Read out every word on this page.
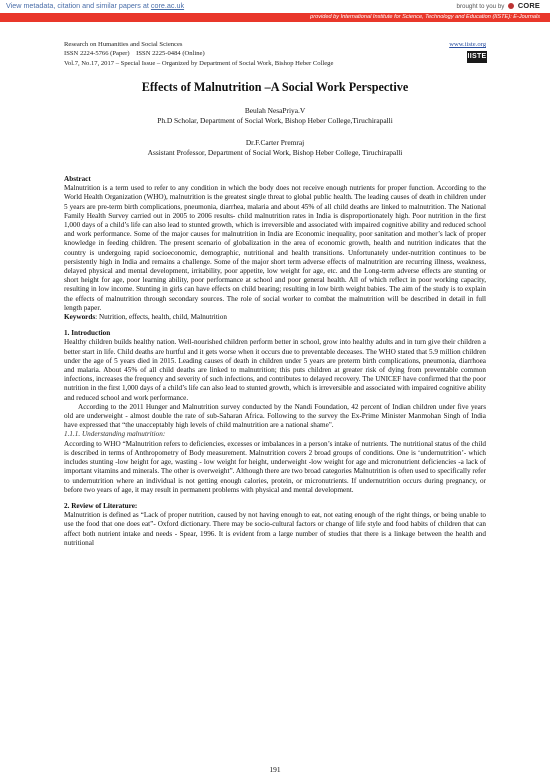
View metadata, citation and similar papers at core.ac.uk	brought to you by CORE
provided by International Institute for Science, Technology and Education (IISTE): E-Journals
Research on Humanities and Social Sciences	www.iiste.org
ISSN 2224-5766 (Paper)    ISSN 2225-0484 (Online)
Vol.7, No.17, 2017 – Special Issue – Organized by Department of Social Work, Bishop Heber College
IISTE
Effects of Malnutrition –A Social Work Perspective
Beulah NesaPriya.V
Ph.D Scholar, Department of Social Work, Bishop Heber College,Tiruchirapalli
Dr.F.Carter Premraj
Assistant Professor, Department of Social Work, Bishop Heber College, Tiruchirapalli

Abstract

Malnutrition is a term used to refer to any condition in which the body does not receive enough nutrients for proper function. According to the World Health Organization (WHO), malnutrition is the greatest single threat to global public health. The leading causes of death in children under 5 years are pre-term birth complications, pneumonia, diarrhea, malaria and about 45% of all child deaths are linked to malnutrition. The National Family Health Survey carried out in 2005 to 2006 results- child malnutrition rates in India is disproportionately high. Poor nutrition in the first 1,000 days of a child’s life can also lead to stunted growth, which is irreversible and associated with impaired cognitive ability and reduced school and work performance. Some of the major causes for malnutrition in India are Economic inequality, poor sanitation and mother’s lack of proper knowledge in feeding children. The present scenario of globalization in the area of economic growth, health and nutrition indicates that the country is undergoing rapid socioeconomic, demographic, nutritional and health transitions. Unfortunately under-nutrition continues to be persistently high in India and remains a challenge. Some of the major short term adverse effects of malnutrition are recurring illness, weakness, delayed physical and mental development, irritability, poor appetite, low weight for age, etc. and the Long-term adverse effects are stunting or short height for age, poor learning ability, poor performance at school and poor general health. All of which reflect in poor working capacity, resulting in low income. Stunting in girls can have effects on child bearing; resulting in low birth weight babies. The aim of the study is to explain the effects of malnutrition through secondary sources. The role of social worker to combat the malnutrition will be described in detail in full length paper.

Keywords: Nutrition, effects, health, child, Malnutrition

1. Introduction

Healthy children builds healthy nation. Well-nourished children perform better in school, grow into healthy adults and in turn give their children a better start in life. Child deaths are hurtful and it gets worse when it occurs due to preventable deceases. The WHO stated that 5.9 million children under the age of 5 years died in 2015. Leading causes of death in children under 5 years are preterm birth complications, pneumonia, diarrhoea and malaria. About 45% of all child deaths are linked to malnutrition; this puts children at greater risk of dying from preventable common infections, increases the frequency and severity of such infections, and contributes to delayed recovery. The UNICEF have confirmed that the poor nutrition in the first 1,000 days of a child’s life can also lead to stunted growth, which is irreversible and associated with impaired cognitive ability and reduced school and work performance.

According to the 2011 Hunger and Malnutrition survey conducted by the Nandi Foundation, 42 percent of Indian children under five years old are underweight - almost double the rate of sub-Saharan Africa. Following to the survey the Ex-Prime Minister Manmohan Singh of India have expressed that “the unacceptably high levels of child malnutrition are a national shame".

1.1.1. Understanding malnutrition:

According to WHO “Malnutrition refers to deficiencies, excesses or imbalances in a person’s intake of nutrients. The nutritional status of the child is described in terms of Anthropometry of Body measurement. Malnutrition covers 2 broad groups of conditions. One is ‘undernutrition’- which includes stunting -low height for age, wasting - low weight for height, underweight -low weight for age and micronutrient deficiencies -a lack of important vitamins and minerals. The other is overweight”. Although there are two broad categories Malnutrition is often used to specifically refer to undernutrition where an individual is not getting enough calories, protein, or micronutrients. If undernutrition occurs during pregnancy, or before two years of age, it may result in permanent problems with physical and mental development.

2. Review of Literature:

Malnutrition is defined as “Lack of proper nutrition, caused by not having enough to eat, not eating enough of the right things, or being unable to use the food that one does eat”- Oxford dictionary. There may be socio-cultural factors or change of life style and food habits of children that can affect both nutrient intake and needs - Spear, 1996. It is evident from a large number of studies that there is a linkage between the health and nutritional

191
